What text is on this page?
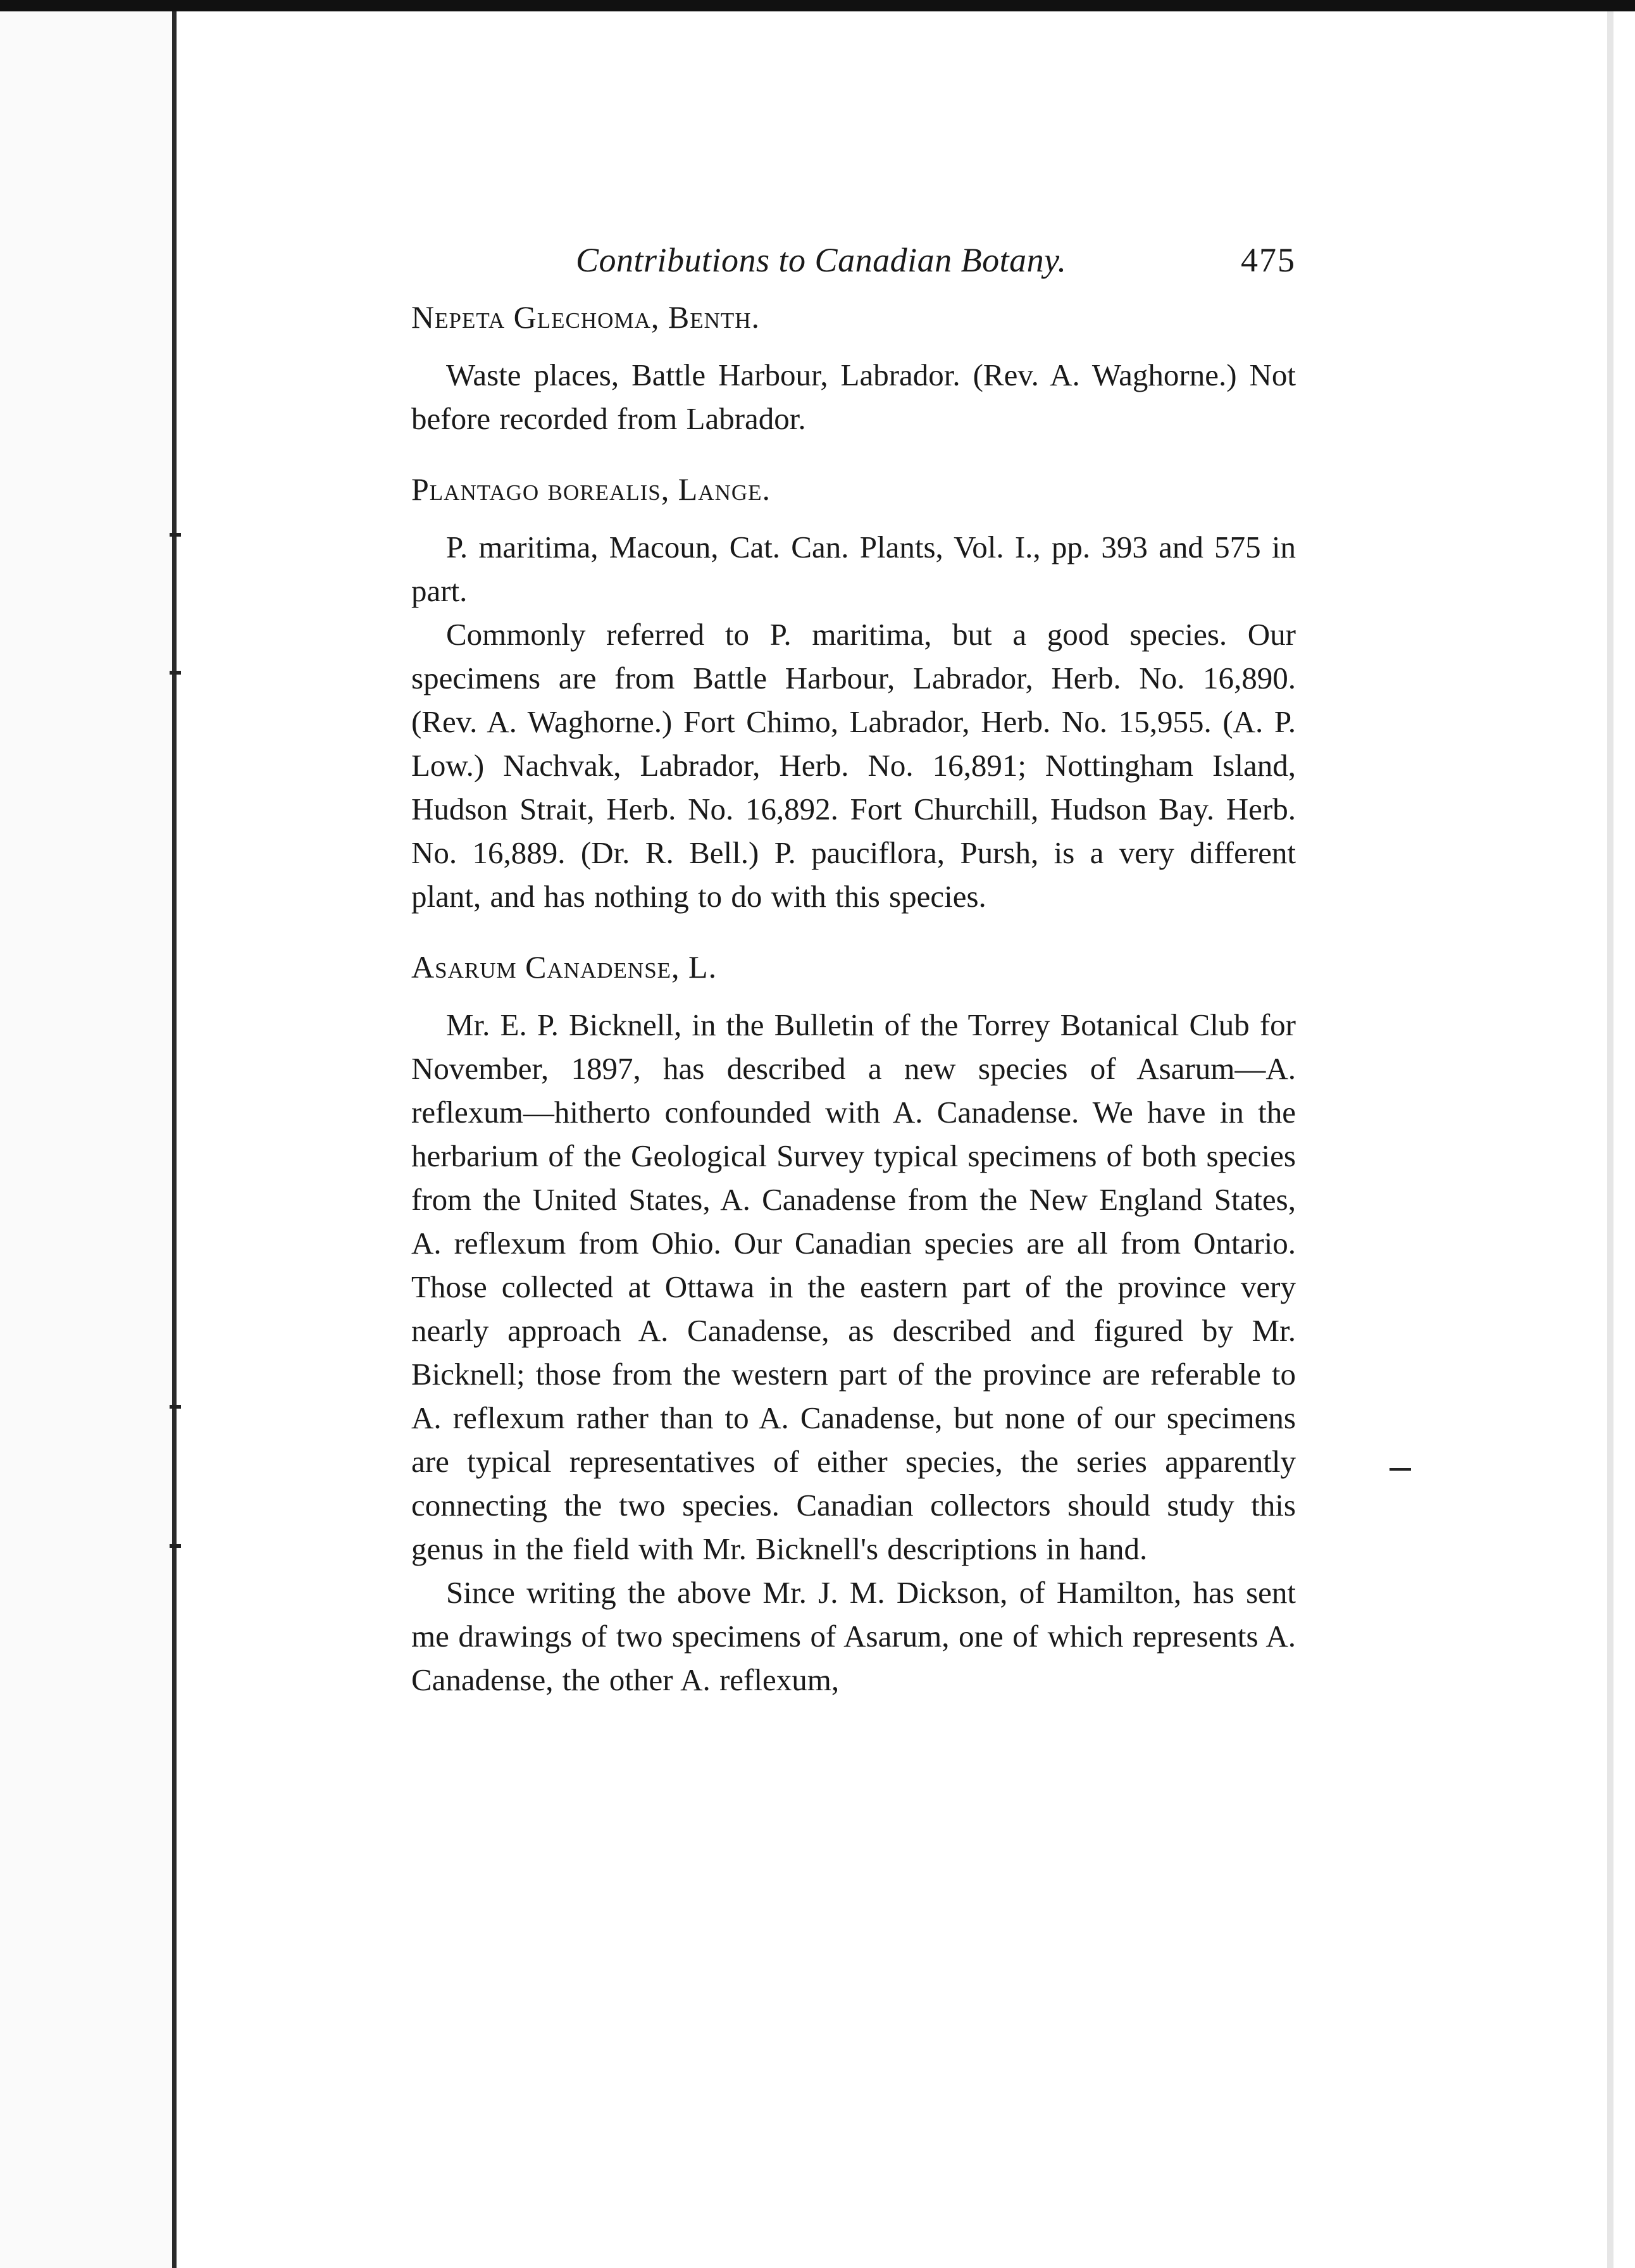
Contributions to Canadian Botany.	475
Nepeta Glechoma, Benth.

Waste places, Battle Harbour, Labrador. (Rev. A. Waghorne.) Not before recorded from Labrador.

Plantago borealis, Lange.

P. maritima, Macoun, Cat. Can. Plants, Vol. I., pp. 393 and 575 in part.

Commonly referred to P. maritima, but a good species. Our specimens are from Battle Harbour, Labrador, Herb. No. 16,890. (Rev. A. Waghorne.) Fort Chimo, Labrador, Herb. No. 15,955. (A. P. Low.) Nachvak, Labrador, Herb. No. 16,891; Nottingham Island, Hudson Strait, Herb. No. 16,892. Fort Churchill, Hudson Bay. Herb. No. 16,889. (Dr. R. Bell.) P. pauciflora, Pursh, is a very different plant, and has nothing to do with this species.

Asarum Canadense, L.

Mr. E. P. Bicknell, in the Bulletin of the Torrey Botanical Club for November, 1897, has described a new species of Asarum—A. reflexum—hitherto confounded with A. Canadense. We have in the herbarium of the Geological Survey typical specimens of both species from the United States, A. Canadense from the New England States, A. reflexum from Ohio. Our Canadian species are all from Ontario. Those collected at Ottawa in the eastern part of the province very nearly approach A. Canadense, as described and figured by Mr. Bicknell; those from the western part of the province are referable to A. reflexum rather than to A. Canadense, but none of our specimens are typical representatives of either species, the series apparently connecting the two species. Canadian collectors should study this genus in the field with Mr. Bicknell's descriptions in hand.

Since writing the above Mr. J. M. Dickson, of Hamilton, has sent me drawings of two specimens of Asarum, one of which represents A. Canadense, the other A. reflexum,
